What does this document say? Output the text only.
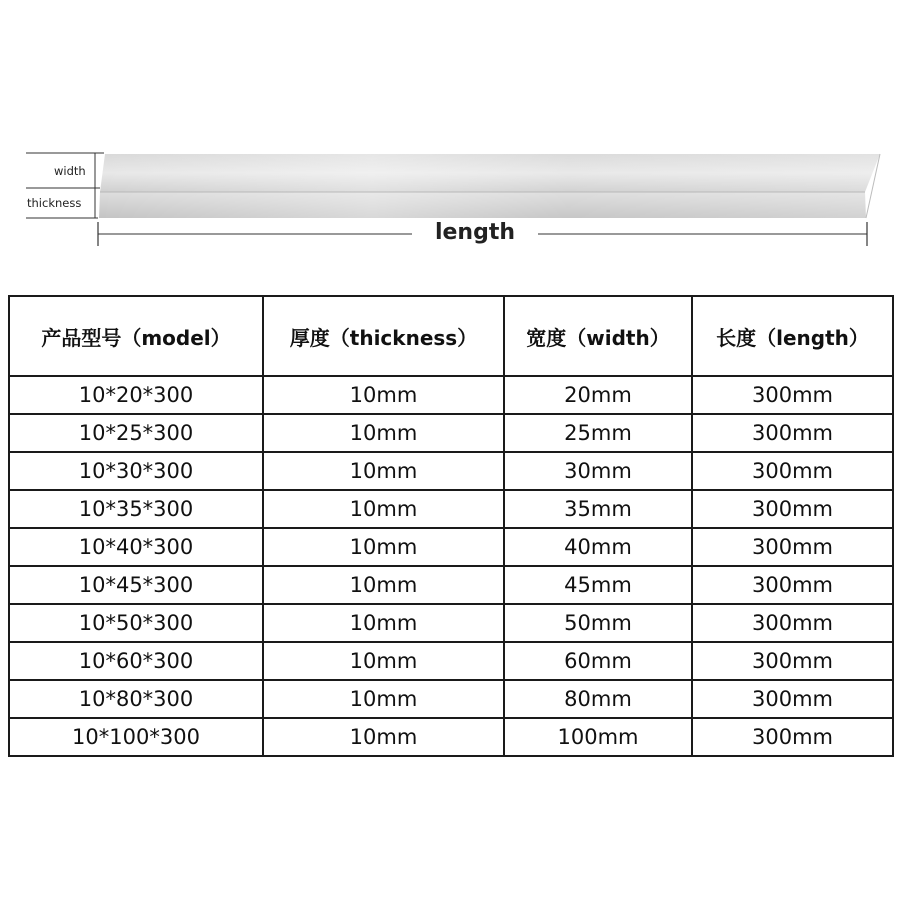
width
thickness
length
产品型号（model）	厚度（thickness）	宽度（width）	长度（length）
10*20*300	10mm	20mm	300mm
10*25*300	10mm	25mm	300mm
10*30*300	10mm	30mm	300mm
10*35*300	10mm	35mm	300mm
10*40*300	10mm	40mm	300mm
10*45*300	10mm	45mm	300mm
10*50*300	10mm	50mm	300mm
10*60*300	10mm	60mm	300mm
10*80*300	10mm	80mm	300mm
10*100*300	10mm	100mm	300mm
